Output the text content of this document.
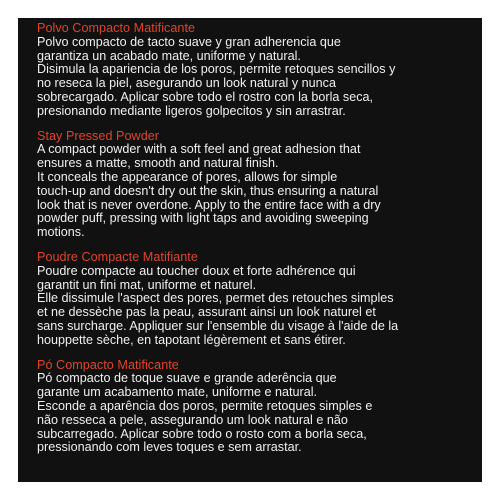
Polvo Compacto Matificante

Polvo compacto de tacto suave y gran adherencia que
garantiza un acabado mate, uniforme y natural.
Disimula la apariencia de los poros, permite retoques sencillos y
no reseca la piel, asegurando un look natural y nunca
sobrecargado. Aplicar sobre todo el rostro con la borla seca,
presionando mediante ligeros golpecitos y sin arrastrar.

Stay Pressed Powder

A compact powder with a soft feel and great adhesion that
ensures a matte, smooth and natural finish.
It conceals the appearance of pores, allows for simple
touch-up and doesn't dry out the skin, thus ensuring a natural
look that is never overdone. Apply to the entire face with a dry
powder puff, pressing with light taps and avoiding sweeping
motions.

Poudre Compacte Matifiante

Poudre compacte au toucher doux et forte adhérence qui
garantit un fini mat, uniforme et naturel.
Elle dissimule l'aspect des pores, permet des retouches simples
et ne dessèche pas la peau, assurant ainsi un look naturel et
sans surcharge. Appliquer sur l'ensemble du visage à l'aide de la
houppette sèche, en tapotant légèrement et sans étirer.

Pó Compacto Matificante

Pó compacto de toque suave e grande aderência que
garante um acabamento mate, uniforme e natural.
Esconde a aparência dos poros, permite retoques simples e
não resseca a pele, assegurando um look natural e não
subcarregado. Aplicar sobre todo o rosto com a borla seca,
pressionando com leves toques e sem arrastar.
